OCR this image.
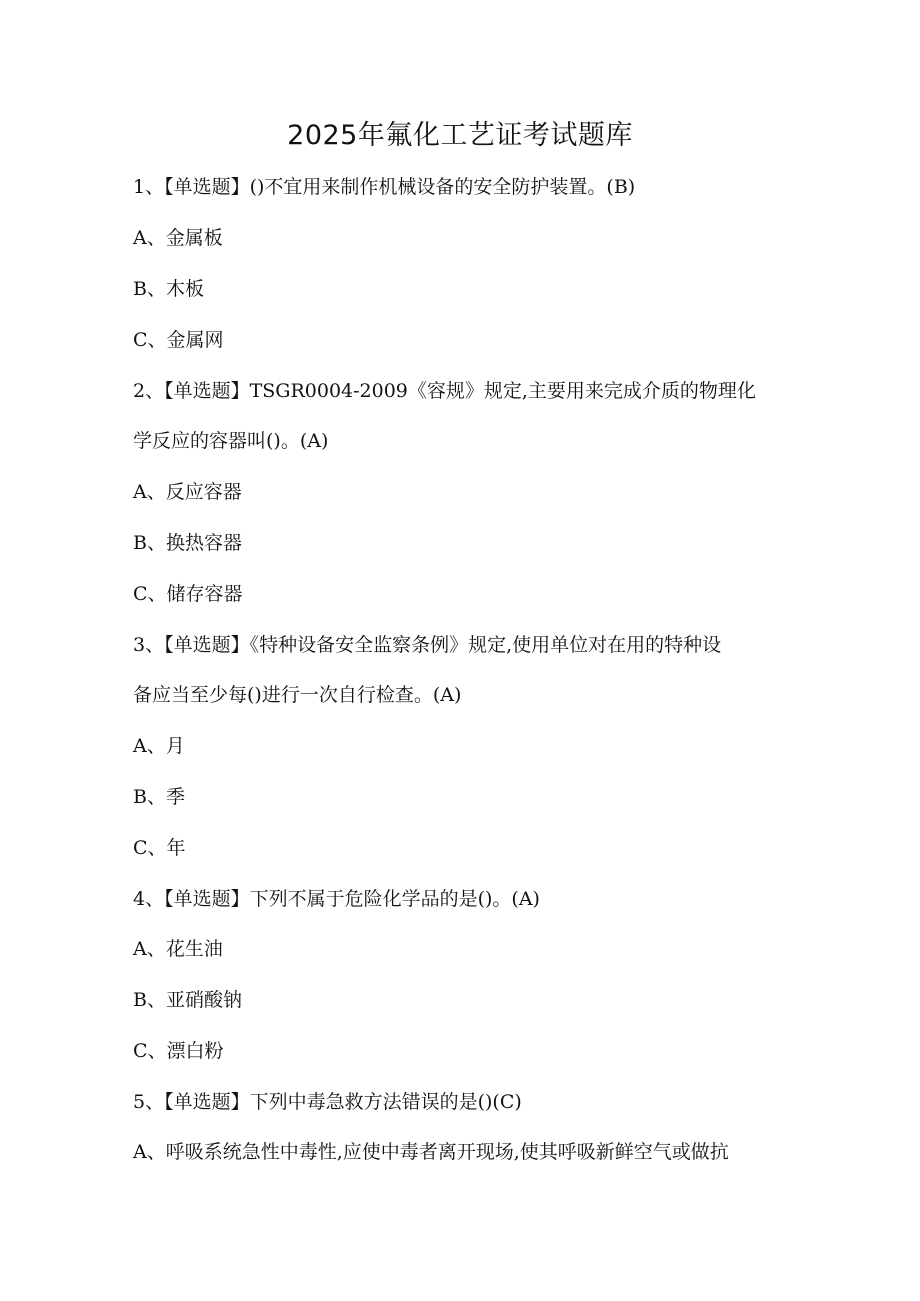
2025年氟化工艺证考试题库

1、【单选题】()不宜用来制作机械设备的安全防护装置。(B)

A、金属板

B、木板

C、金属网

2、【单选题】TSGR0004-2009《容规》规定,主要用来完成介质的物理化

学反应的容器叫()。(A)

A、反应容器

B、换热容器

C、储存容器

3、【单选题】《特种设备安全监察条例》规定,使用单位对在用的特种设

备应当至少每()进行一次自行检查。(A)

A、月

B、季

C、年

4、【单选题】下列不属于危险化学品的是()。(A)

A、花生油

B、亚硝酸钠

C、漂白粉

5、【单选题】下列中毒急救方法错误的是()(C)

A、呼吸系统急性中毒性,应使中毒者离开现场,使其呼吸新鲜空气或做抗
